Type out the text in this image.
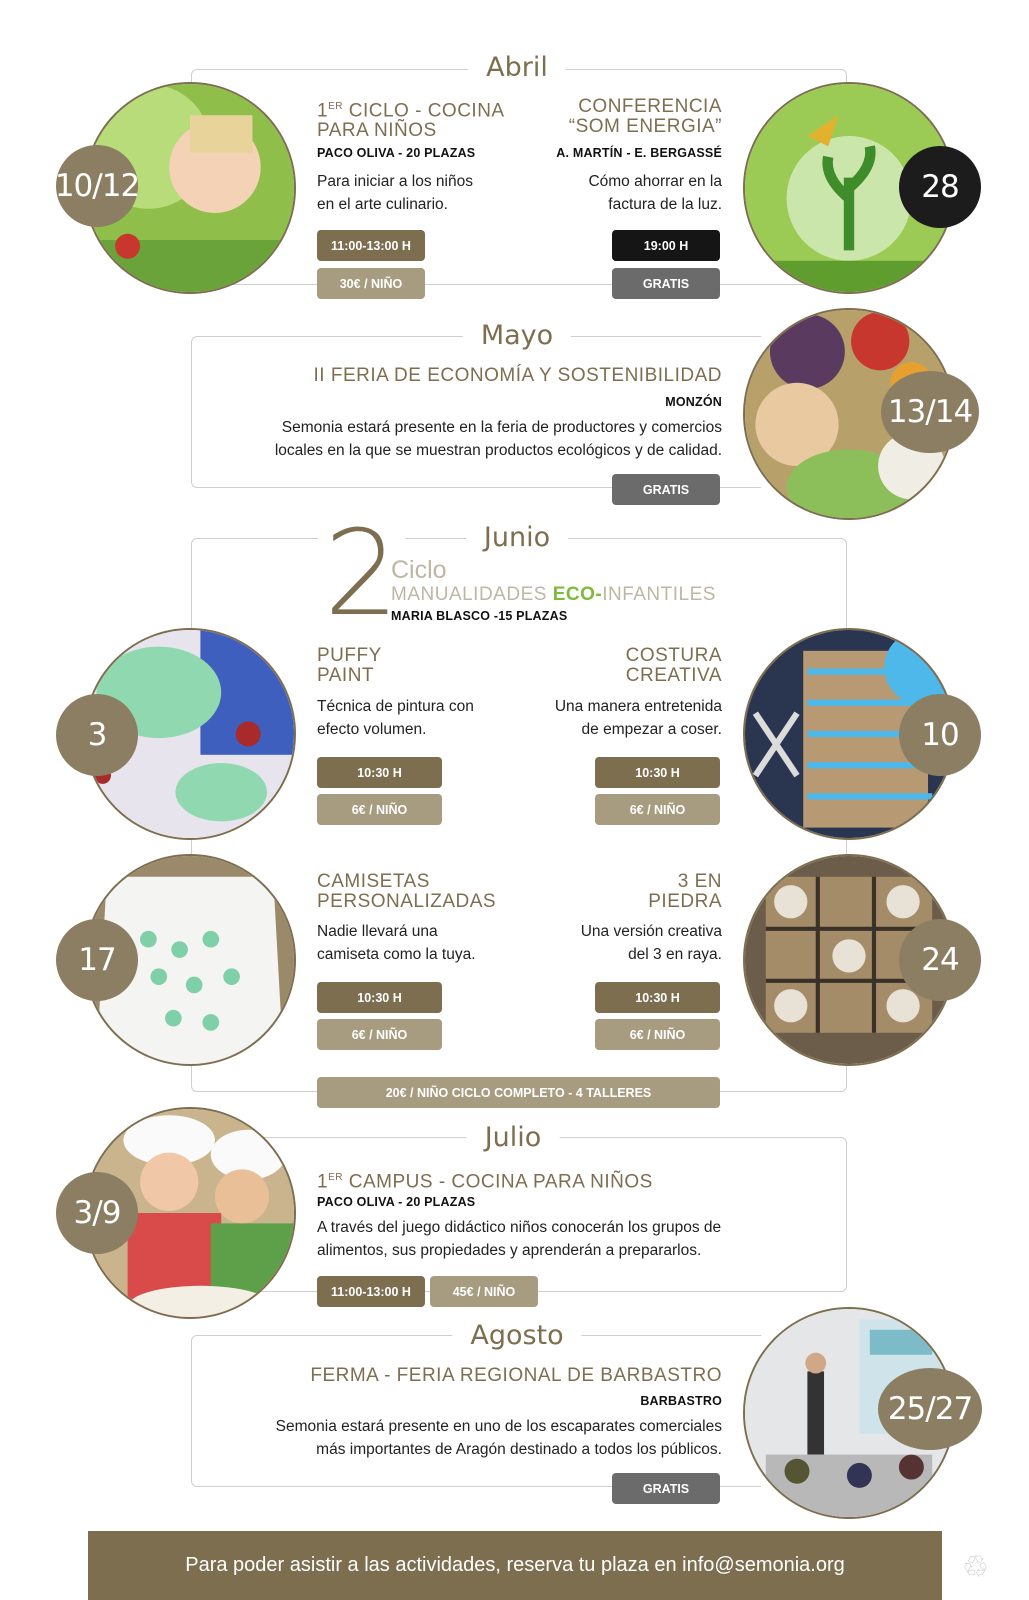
Abril
10/12
1ER CICLO - COCINA
PARA NIÑOS
PACO OLIVA - 20 PLAZAS
Para iniciar a los niños
en el arte culinario.
11:00-13:00 H
30€ / NIÑO
CONFERENCIA
“SOM ENERGIA”
A. MARTÍN - E. BERGASSÉ
Cómo ahorrar en la
factura de la luz.
19:00 H
GRATIS
28
Mayo
II FERIA DE ECONOMÍA Y SOSTENIBILIDAD
MONZÓN
Semonia estará presente en la feria de productores y comercios
locales en la que se muestran productos ecológicos y de calidad.
GRATIS
13/14
Junio
2
Ciclo
MANUALIDADES ECO-INFANTILES
MARIA BLASCO -15 PLAZAS
3
PUFFY
PAINT
Técnica de pintura con
efecto volumen.
10:30 H
6€ / NIÑO
COSTURA
CREATIVA
Una manera entretenida
de empezar a coser.
10:30 H
6€ / NIÑO
10
17
CAMISETAS
PERSONALIZADAS
Nadie llevará una
camiseta como la tuya.
10:30 H
6€ / NIÑO
3 EN
PIEDRA
Una versión creativa
del 3 en raya.
10:30 H
6€ / NIÑO
24
20€ / NIÑO CICLO COMPLETO - 4 TALLERES
Julio
3/9
1ER CAMPUS - COCINA PARA NIÑOS
PACO OLIVA - 20 PLAZAS
A través del juego didáctico niños conocerán los grupos de
alimentos, sus propiedades y aprenderán a prepararlos.
11:00-13:00 H	45€ / NIÑO
Agosto
FERMA - FERIA REGIONAL DE BARBASTRO
BARBASTRO
Semonia estará presente en uno de los escaparates comerciales
más importantes de Aragón destinado a todos los públicos.
GRATIS
25/27
Para poder asistir a las actividades, reserva tu plaza en info@semonia.org	♲
